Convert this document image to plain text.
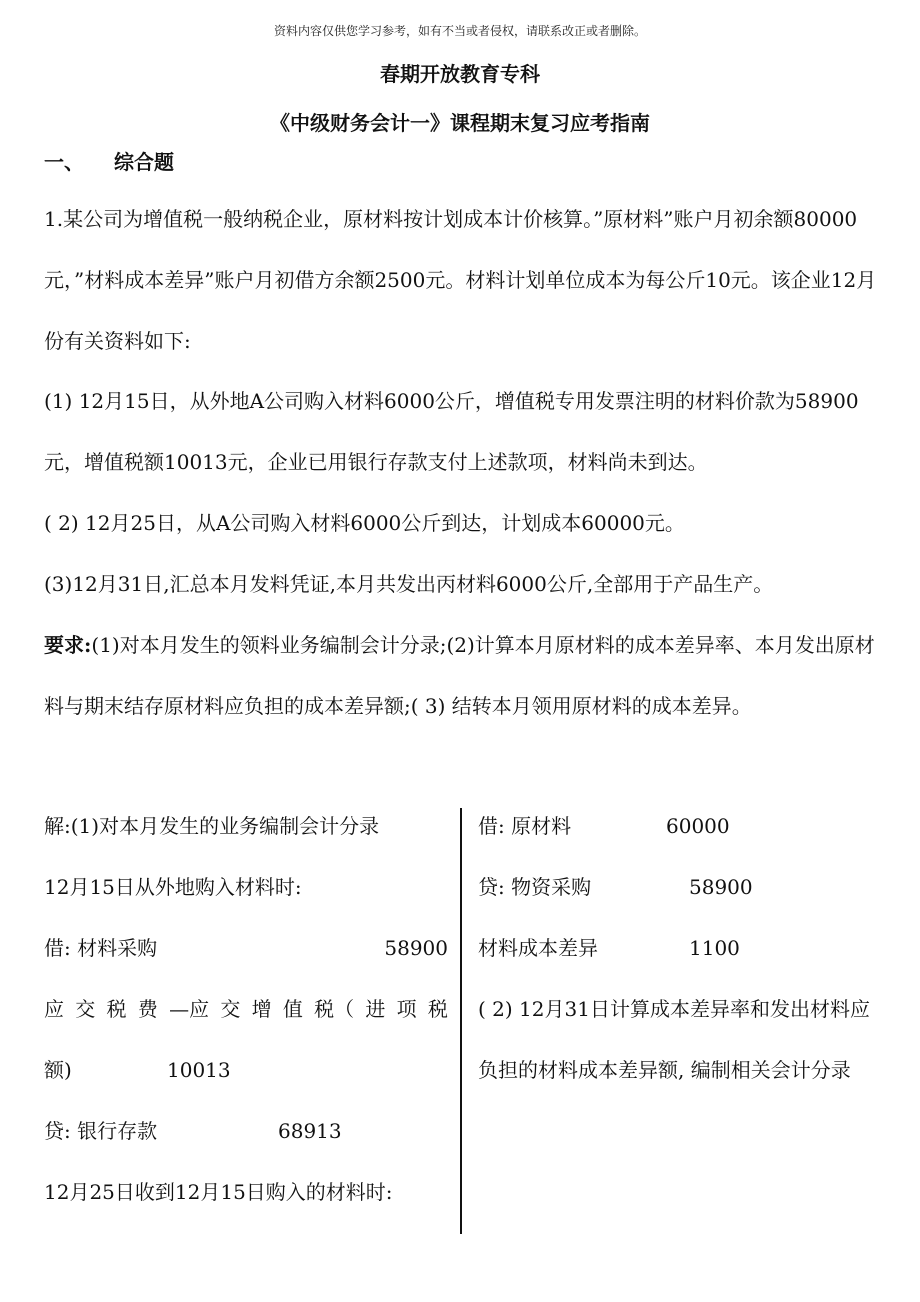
资料内容仅供您学习参考，如有不当或者侵权，请联系改正或者删除。
春期开放教育专科
《中级财务会计一》课程期末复习应考指南
一、 综合题

1.某公司为增值税一般纳税企业，原材料按计划成本计价核算。”原材料”账户月初余额80000元，”材料成本差异”账户月初借方余额2500元。材料计划单位成本为每公斤10元。该企业12月份有关资料如下:

(1) 12月15日，从外地A公司购入材料6000公斤，增值税专用发票注明的材料价款为58900元，增值税额10013元，企业已用银行存款支付上述款项，材料尚未到达。

( 2) 12月25日，从A公司购入材料6000公斤到达，计划成本60000元。

(3)12月31日,汇总本月发料凭证,本月共发出丙材料6000公斤,全部用于产品生产。

要求:(1)对本月发生的领料业务编制会计分录;(2)计算本月原材料的成本差异率、本月发出原材料与期末结存原材料应负担的成本差异额;( 3) 结转本月领用原材料的成本差异。

解:(1)对本月发生的业务编制会计分录
12月15日从外地购入材料时:
借: 材料采购	58900
应 交 税 费 —应 交 增 值 税（ 进 项 税
额)	10013
贷: 银行存款	68913
12月25日收到12月15日购入的材料时:
借: 原材料	60000
贷: 物资采购	58900
材料成本差异	1100
( 2) 12月31日计算成本差异率和发出材料应负担的材料成本差异额, 编制相关会计分录
